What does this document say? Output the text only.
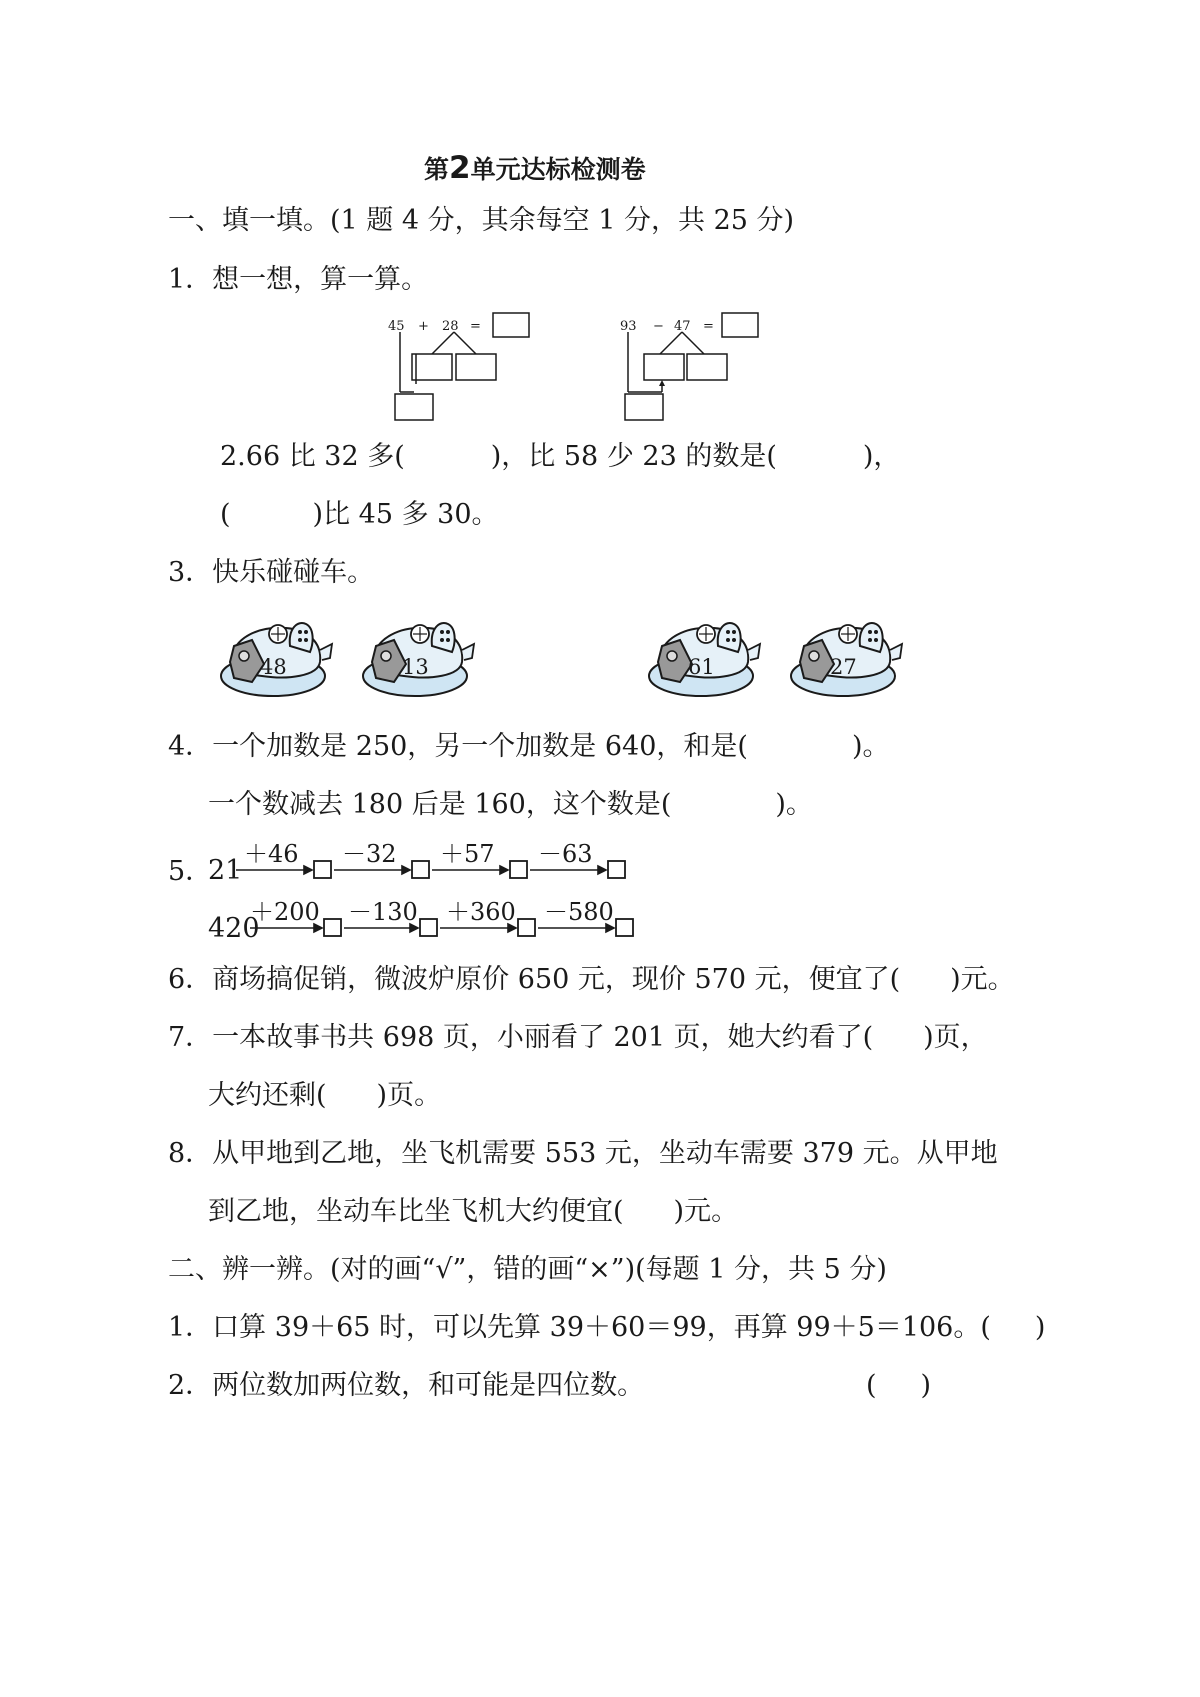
第2单元达标检测卷
一、填一填。(1 题 4 分，其余每空 1 分，共 25 分)
1．想一想，算一算。
45 + 28 =	93 − 47 =
2.66 比 32 多(	)，比 58 少 23 的数是(	)，
(	)比 45 多 30。
3．快乐碰碰车。
48	13	61	27
4．一个加数是 250，另一个加数是 640，和是(	)。
一个数减去 180 后是 160，这个数是(	)。
5．
21
＋46 －32 ＋57 －63
420
＋200 －130 ＋360 －580
6．商场搞促销，微波炉原价 650 元，现价 570 元，便宜了( )元。
7．一本故事书共 698 页，小丽看了 201 页，她大约看了( )页，
大约还剩( )页。
8．从甲地到乙地，坐飞机需要 553 元，坐动车需要 379 元。从甲地
到乙地，坐动车比坐飞机大约便宜( )元。
二、辨一辨。(对的画“√”，错的画“×”)(每题 1 分，共 5 分)
1．口算 39＋65 时，可以先算 39＋60＝99，再算 99＋5＝106。( )
2．两位数加两位数，和可能是四位数。	( )
